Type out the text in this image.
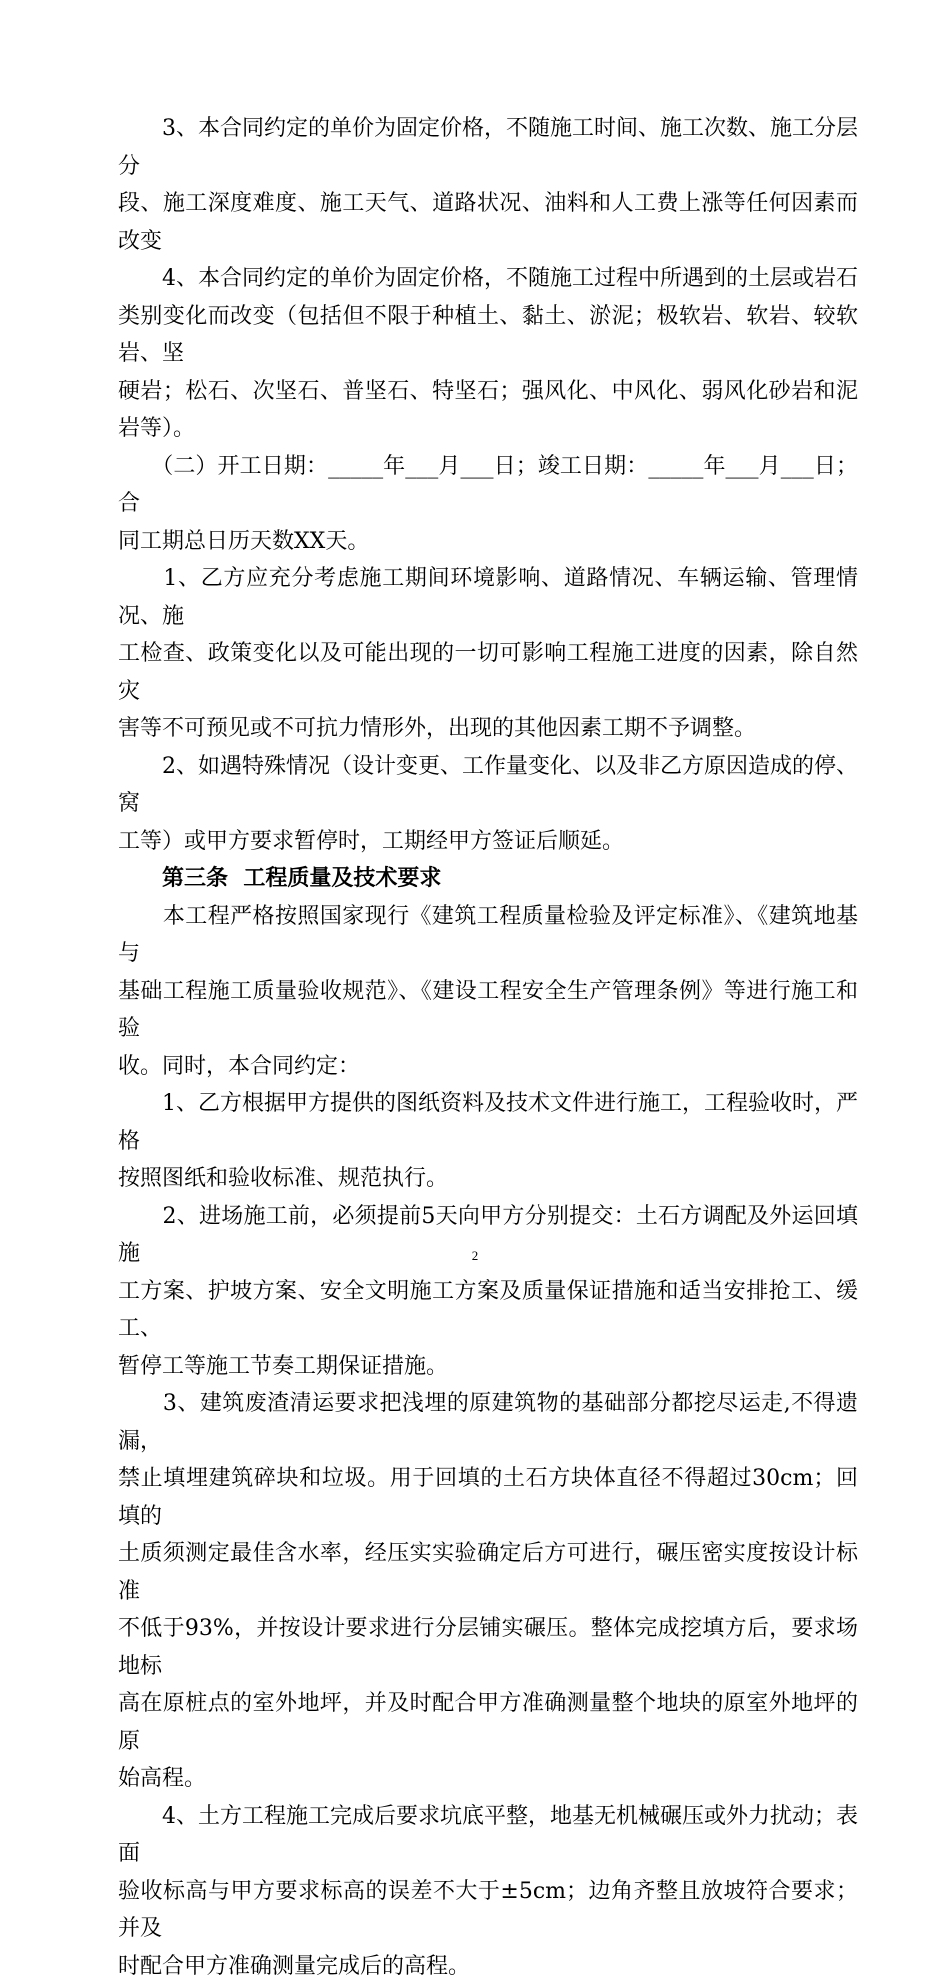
　　3、本合同约定的单价为固定价格，不随施工时间、施工次数、施工分层分
段、施工深度难度、施工天气、道路状况、油料和人工费上涨等任何因素而改变
　　4、本合同约定的单价为固定价格，不随施工过程中所遇到的土层或岩石
类别变化而改变（包括但不限于种植土、黏土、淤泥；极软岩、软岩、较软岩、坚
硬岩；松石、次坚石、普坚石、特坚石；强风化、中风化、弱风化砂岩和泥岩等）。
　　（二）开工日期：_____年___月___日；竣工日期：_____年___月___日；合
同工期总日历天数XX天。
　　1、乙方应充分考虑施工期间环境影响、道路情况、车辆运输、管理情况、施
工检查、政策变化以及可能出现的一切可影响工程施工进度的因素，除自然灾
害等不可预见或不可抗力情形外，出现的其他因素工期不予调整。
　　2、如遇特殊情况（设计变更、工作量变化、以及非乙方原因造成的停、窝
工等）或甲方要求暂停时，工期经甲方签证后顺延。
　　第三条  工程质量及技术要求
　　本工程严格按照国家现行《建筑工程质量检验及评定标准》、《建筑地基与
基础工程施工质量验收规范》、《建设工程安全生产管理条例》等进行施工和验
收。同时，本合同约定：
　　1、乙方根据甲方提供的图纸资料及技术文件进行施工，工程验收时，严格
按照图纸和验收标准、规范执行。
　　2、进场施工前，必须提前5天向甲方分别提交：土石方调配及外运回填施
工方案、护坡方案、安全文明施工方案及质量保证措施和适当安排抢工、缓工、
暂停工等施工节奏工期保证措施。
　　3、建筑废渣清运要求把浅埋的原建筑物的基础部分都挖尽运走,不得遗漏，
禁止填埋建筑碎块和垃圾。用于回填的土石方块体直径不得超过30cm；回填的
土质须测定最佳含水率，经压实实验确定后方可进行，碾压密实度按设计标准
不低于93%，并按设计要求进行分层铺实碾压。整体完成挖填方后，要求场地标
高在原桩点的室外地坪，并及时配合甲方准确测量整个地块的原室外地坪的原
始高程。
　　4、土方工程施工完成后要求坑底平整，地基无机械碾压或外力扰动；表面
验收标高与甲方要求标高的误差不大于±5cm；边角齐整且放坡符合要求；并及
时配合甲方准确测量完成后的高程。
2
